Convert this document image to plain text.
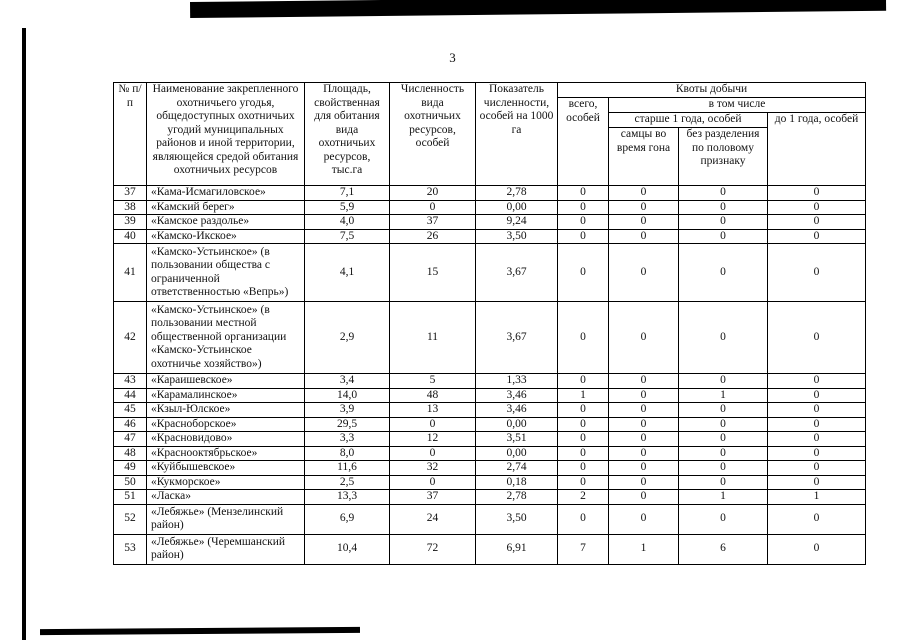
3
№ п/п	Наименование закрепленного охотничьего угодья, общедоступных охотничьих угодий муниципальных районов и иной территории, являющейся средой обитания охотничьих ресурсов	Площадь, свойственная для обитания вида охотничьих ресурсов, тыс.га	Численность вида охотничьих ресурсов, особей	Показатель численности, особей на 1000 га	Квоты добычи			
					всего, особей	в том числе		
						старше 1 года, особей		до 1 года, особей
						самцы во время гона	без разделения по половому признаку	
37	«Кама-Исмагиловское»	7,1	20	2,78	0	0	0	0
38	«Камский берег»	5,9	0	0,00	0	0	0	0
39	«Камское раздолье»	4,0	37	9,24	0	0	0	0
40	«Камско-Икское»	7,5	26	3,50	0	0	0	0
41	«Камско-Устьинское» (в пользовании общества с ограниченной ответственностью «Вепрь»)	4,1	15	3,67	0	0	0	0
42	«Камско-Устьинское» (в пользовании местной общественной организации «Камско-Устьинское охотничье хозяйство»)	2,9	11	3,67	0	0	0	0
43	«Караишевское»	3,4	5	1,33	0	0	0	0
44	«Карамалинское»	14,0	48	3,46	1	0	1	0
45	«Кзыл-Юлское»	3,9	13	3,46	0	0	0	0
46	«Красноборское»	29,5	0	0,00	0	0	0	0
47	«Красновидово»	3,3	12	3,51	0	0	0	0
48	«Краснооктябрьское»	8,0	0	0,00	0	0	0	0
49	«Куйбышевское»	11,6	32	2,74	0	0	0	0
50	«Кукморское»	2,5	0	0,18	0	0	0	0
51	«Ласка»	13,3	37	2,78	2	0	1	1
52	«Лебяжье» (Мензелинский район)	6,9	24	3,50	0	0	0	0
53	«Лебяжье» (Черемшанский район)	10,4	72	6,91	7	1	6	0
